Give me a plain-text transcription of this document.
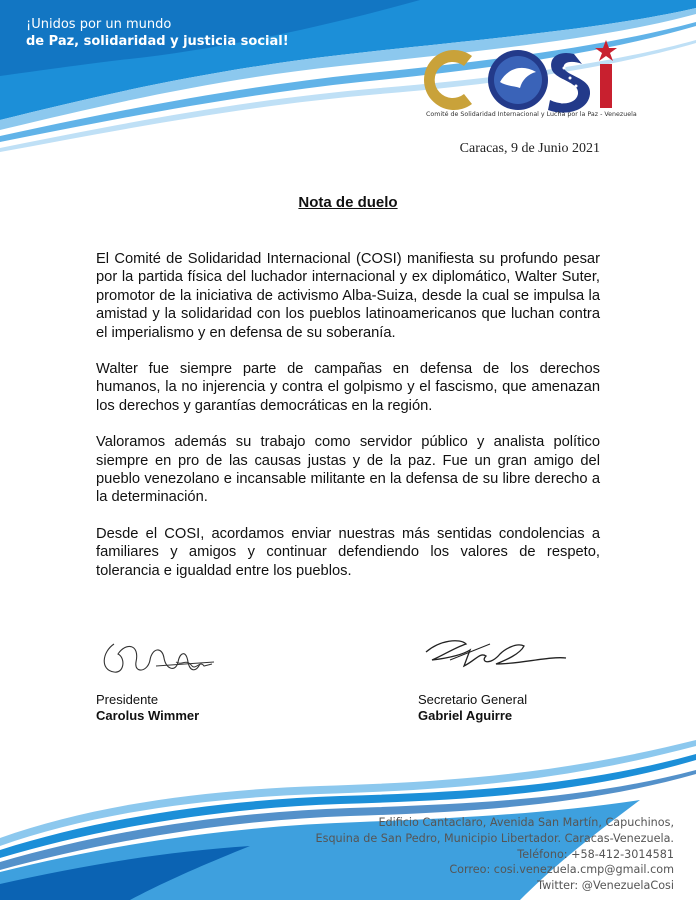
¡Unidos por un mundo
de Paz, solidaridad y justicia social!
Comité de Solidaridad Internacional y Lucha por la Paz - Venezuela
Caracas, 9 de Junio 2021
Nota de duelo

El Comité de Solidaridad Internacional (COSI) manifiesta su profundo pesar por la partida física del luchador internacional y ex diplomático, Walter Suter, promotor de la iniciativa de activismo Alba-Suiza, desde la cual se impulsa la amistad y la solidaridad con los pueblos latinoamericanos que luchan contra el imperialismo y en defensa de su soberanía.

Walter fue siempre parte de campañas en defensa de los derechos humanos, la no injerencia y contra el golpismo y el fascismo, que amenazan los derechos y garantías democráticas en la región.

Valoramos además su trabajo como servidor público y analista político siempre en pro de las causas justas y de la paz. Fue un gran amigo del pueblo venezolano e incansable militante en la defensa de su libre derecho a la determinación.

Desde el COSI, acordamos enviar nuestras más sentidas condolencias a familiares y amigos y continuar defendiendo los valores de respeto, tolerancia e igualdad entre los pueblos.

Presidente
Carolus Wimmer
Secretario General
Gabriel Aguirre
Edificio Cantaclaro, Avenida San Martín, Capuchinos,
Esquina de San Pedro, Municipio Libertador. Caracas-Venezuela.
Teléfono: +58-412-3014581
Correo: cosi.venezuela.cmp@gmail.com
Twitter: @VenezuelaCosi
